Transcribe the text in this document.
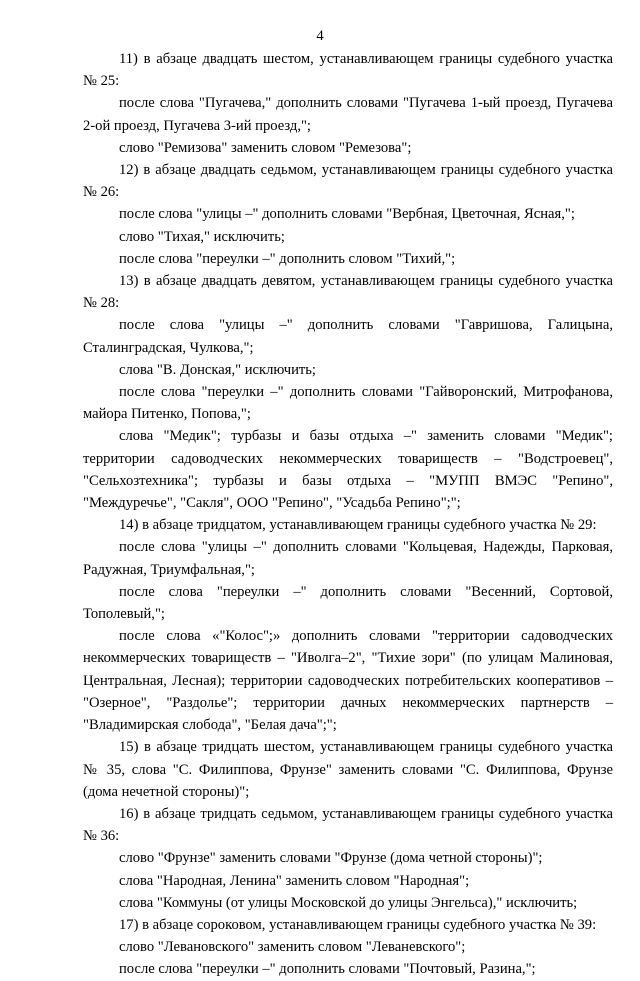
4

11) в абзаце двадцать шестом, устанавливающем границы судебного участка № 25:

после слова "Пугачева," дополнить словами "Пугачева 1-ый проезд, Пугачева 2-ой проезд, Пугачева 3-ий проезд,";

слово "Ремизова" заменить словом "Ремезова";

12) в абзаце двадцать седьмом, устанавливающем границы судебного участка № 26:

после слова "улицы –" дополнить словами "Вербная, Цветочная, Ясная,";

слово "Тихая," исключить;

после слова "переулки –" дополнить словом "Тихий,";

13) в абзаце двадцать девятом, устанавливающем границы судебного участка № 28:

после слова "улицы –" дополнить словами "Гавришова, Галицына, Сталинградская, Чулкова,";

слова "В. Донская," исключить;

после слова "переулки –" дополнить словами "Гайворонский, Митрофанова, майора Питенко, Попова,";

слова "Медик"; турбазы и базы отдыха –" заменить словами "Медик"; территории садоводческих некоммерческих товариществ – "Водстроевец", "Сельхозтехника"; турбазы и базы отдыха – "МУПП ВМЭС "Репино", "Междуречье", "Сакля", ООО "Репино", "Усадьба Репино";";

14) в абзаце тридцатом, устанавливающем границы судебного участка № 29:

после слова "улицы –" дополнить словами "Кольцевая, Надежды, Парковая, Радужная, Триумфальная,";

после слова "переулки –" дополнить словами "Весенний, Сортовой, Тополевый,";

после слова «"Колос";» дополнить словами "территории садоводческих некоммерческих товариществ – "Иволга–2", "Тихие зори" (по улицам Малиновая, Центральная, Лесная); территории садоводческих потребительских кооперативов – "Озерное", "Раздолье"; территории дачных некоммерческих партнерств – "Владимирская слобода", "Белая дача";";

15) в абзаце тридцать шестом, устанавливающем границы судебного участка № 35, слова "С. Филиппова, Фрунзе" заменить словами "С. Филиппова, Фрунзе (дома нечетной стороны)";

16) в абзаце тридцать седьмом, устанавливающем границы судебного участка № 36:

слово "Фрунзе" заменить словами "Фрунзе (дома четной стороны)";

слова "Народная, Ленина" заменить словом "Народная";

слова "Коммуны (от улицы Московской до улицы Энгельса)," исключить;

17) в абзаце сороковом, устанавливающем границы судебного участка № 39:

слово "Левановского" заменить словом "Леваневского";

после слова "переулки –" дополнить словами "Почтовый, Разина,";
